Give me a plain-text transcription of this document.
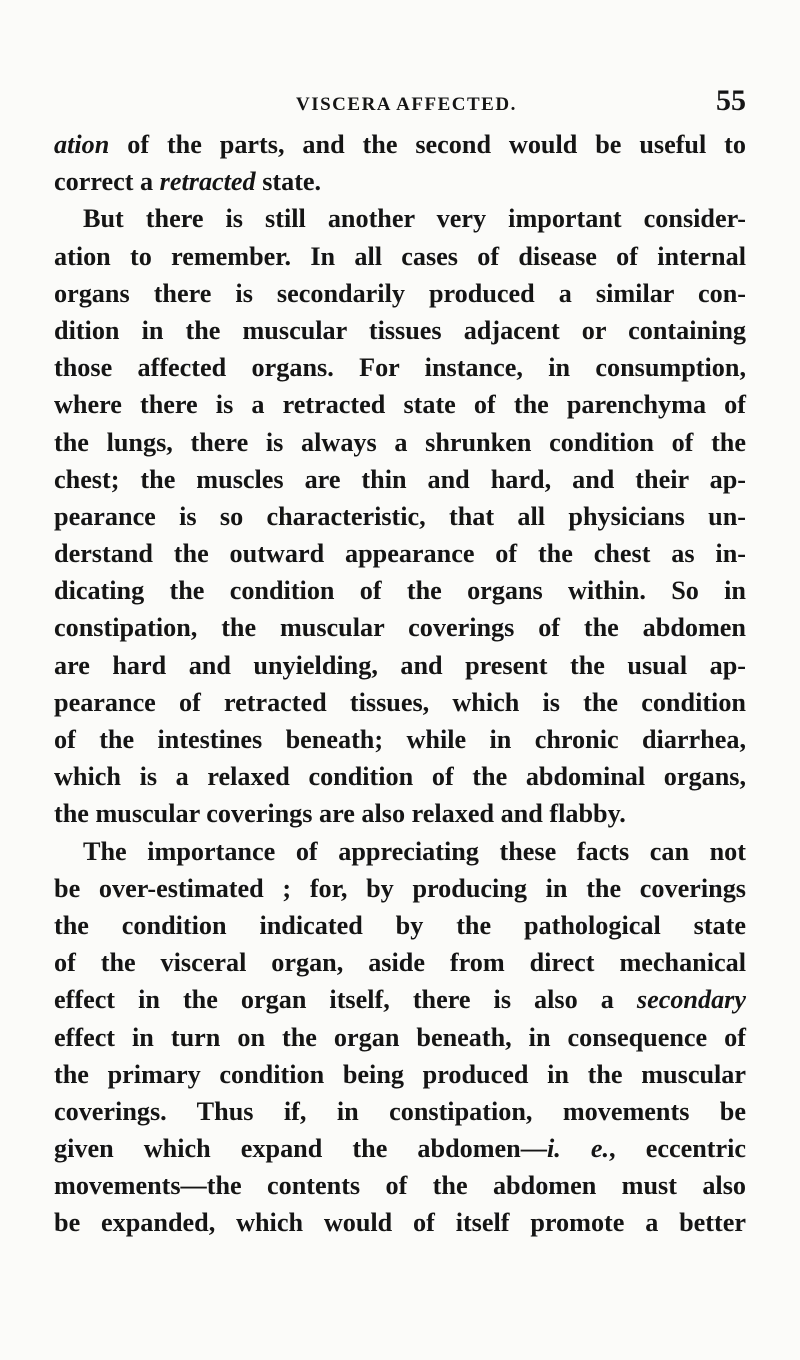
VISCERA AFFECTED.	55
ation of the parts, and the second would be useful to
correct a retracted state.
But there is still another very important consider-
ation to remember. In all cases of disease of internal
organs there is secondarily produced a similar con-
dition in the muscular tissues adjacent or containing
those affected organs. For instance, in consumption,
where there is a retracted state of the parenchyma of
the lungs, there is always a shrunken condition of the
chest; the muscles are thin and hard, and their ap-
pearance is so characteristic, that all physicians un-
derstand the outward appearance of the chest as in-
dicating the condition of the organs within. So in
constipation, the muscular coverings of the abdomen
are hard and unyielding, and present the usual ap-
pearance of retracted tissues, which is the condition
of the intestines beneath; while in chronic diarrhea,
which is a relaxed condition of the abdominal organs,
the muscular coverings are also relaxed and flabby.
The importance of appreciating these facts can not
be over-estimated ; for, by producing in the coverings
the condition indicated by the pathological state
of the visceral organ, aside from direct mechanical
effect in the organ itself, there is also a secondary
effect in turn on the organ beneath, in consequence of
the primary condition being produced in the muscular
coverings. Thus if, in constipation, movements be
given which expand the abdomen—i. e., eccentric
movements—the contents of the abdomen must also
be expanded, which would of itself promote a better
